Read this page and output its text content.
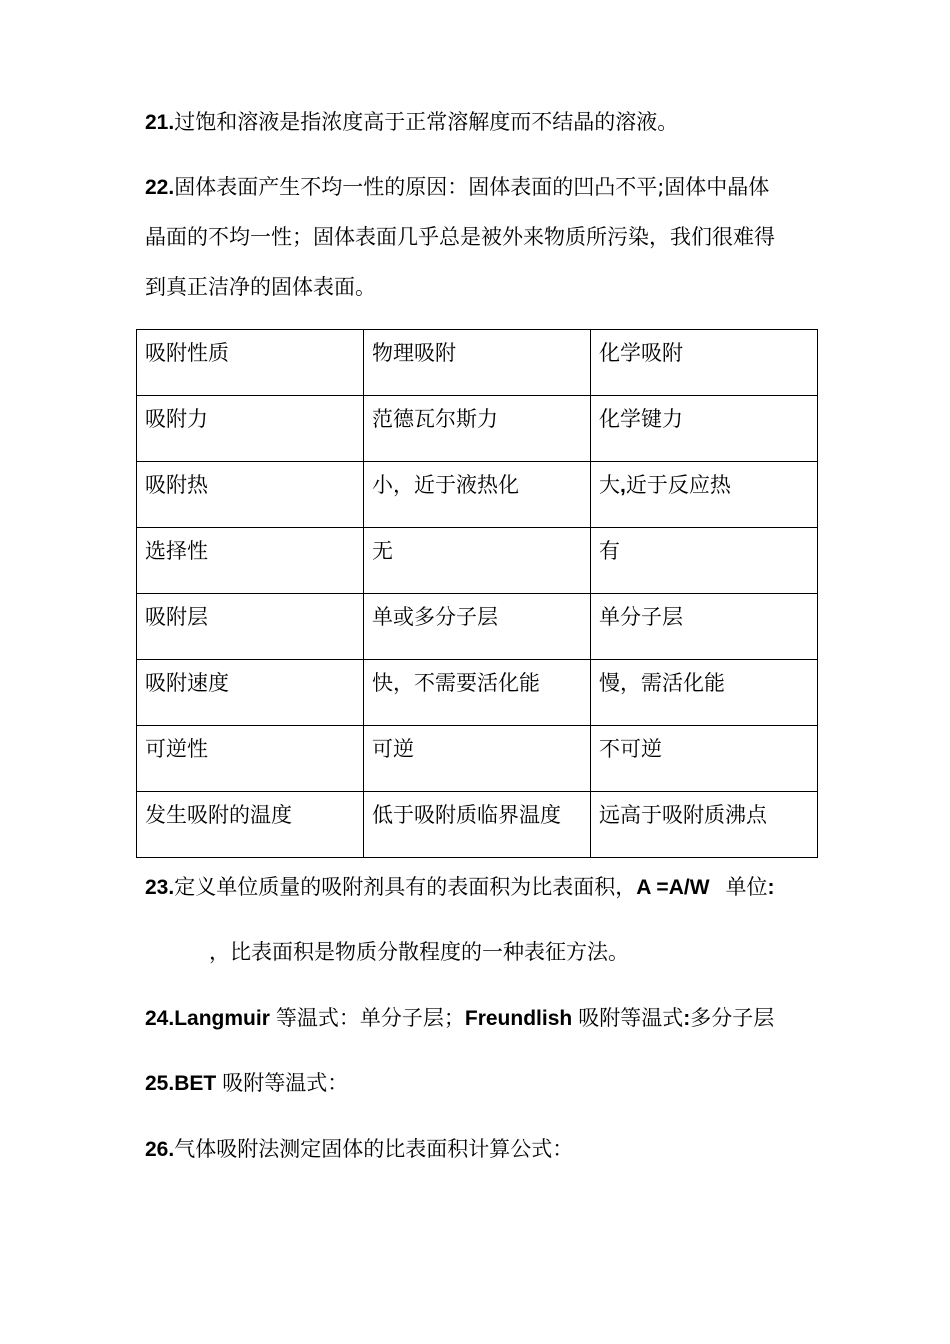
21.过饱和溶液是指浓度高于正常溶解度而不结晶的溶液。
22.固体表面产生不均一性的原因：固体表面的凹凸不平;固体中晶体
晶面的不均一性；固体表面几乎总是被外来物质所污染，我们很难得
到真正洁净的固体表面。
吸附性质	物理吸附	化学吸附
吸附力	范德瓦尔斯力	化学键力
吸附热	小，近于液热化	大,近于反应热
选择性	无	有
吸附层	单或多分子层	单分子层
吸附速度	快，不需要活化能	慢，需活化能
可逆性	可逆	不可逆
发生吸附的温度	低于吸附质临界温度	远高于吸附质沸点
23.定义单位质量的吸附剂具有的表面积为比表面积，A =A/W 单位:
，比表面积是物质分散程度的一种表征方法。
24.Langmuir 等温式：单分子层；Freundlish 吸附等温式:多分子层
25.BET 吸附等温式：
26.气体吸附法测定固体的比表面积计算公式：
